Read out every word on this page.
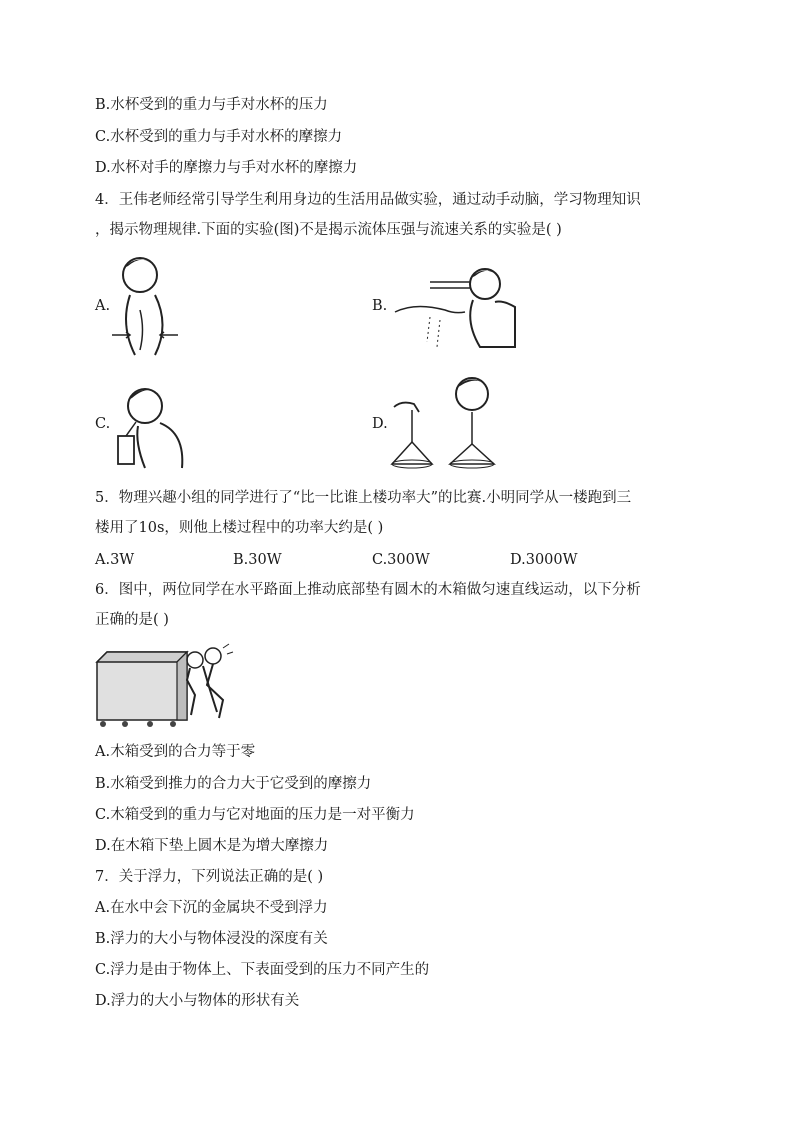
B.水杯受到的重力与手对水杯的压力
C.水杯受到的重力与手对水杯的摩擦力
D.水杯对手的摩擦力与手对水杯的摩擦力
4．王伟老师经常引导学生利用身边的生活用品做实验，通过动手动脑，学习物理知识
，揭示物理规律.下面的实验(图)不是揭示流体压强与流速关系的实验是( )
A.	B.
C.	D.
5．物理兴趣小组的同学进行了“比一比谁上楼功率大”的比赛.小明同学从一楼跑到三
楼用了10s，则他上楼过程中的功率大约是( )
A.3W	B.30W	C.300W	D.3000W
6．图中，两位同学在水平路面上推动底部垫有圆木的木箱做匀速直线运动，以下分析
正确的是( )
A.木箱受到的合力等于零
B.水箱受到推力的合力大于它受到的摩擦力
C.木箱受到的重力与它对地面的压力是一对平衡力
D.在木箱下垫上圆木是为增大摩擦力
7．关于浮力，下列说法正确的是( )
A.在水中会下沉的金属块不受到浮力
B.浮力的大小与物体浸没的深度有关
C.浮力是由于物体上、下表面受到的压力不同产生的
D.浮力的大小与物体的形状有关
